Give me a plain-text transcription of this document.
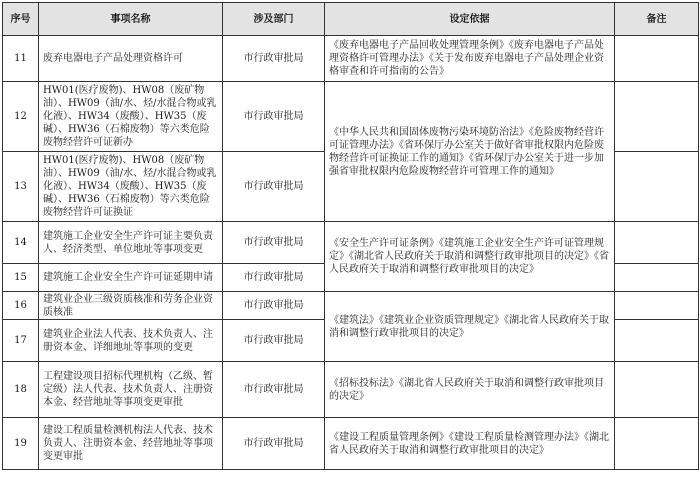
序号	事项名称	涉及部门	设定依据	备注
11	废弃电器电子产品处理资格许可	市行政审批局	《废弃电器电子产品回收处理管理条例》《废弃电器电子产品处理资格许可管理办法》《关于发布废弃电器电子产品处理企业资格审查和许可指南的公告》	
12	HW01(医疗废物)、HW08（废矿物油）、HW09（油/水、烃/水混合物或乳化液）、HW34（废酸）、HW35（废碱）、HW36（石棉废物）等六类危险废物经营许可证新办	市行政审批局	《中华人民共和国固体废物污染环境防治法》《危险废物经营许可证管理办法》《省环保厅办公室关于做好省审批权限内危险废物经营许可证换证工作的通知》《省环保厅办公室关于进一步加强省审批权限内危险废物经营许可管理工作的通知》	
13	HW01(医疗废物)、HW08（废矿物油）、HW09（油/水、烃/水混合物或乳化液）、HW34（废酸）、HW35（废碱）、HW36（石棉废物）等六类危险废物经营许可证换证	市行政审批局		
14	建筑施工企业安全生产许可证主要负责人、经济类型、单位地址等事项变更	市行政审批局	《安全生产许可证条例》《建筑施工企业安全生产许可证管理规定》《湖北省人民政府关于取消和调整行政审批项目的决定》《省人民政府关于取消和调整行政审批项目的决定》	
15	建筑施工企业安全生产许可证延期申请	市行政审批局		
16	建筑业企业三级资质核准和劳务企业资质核准	市行政审批局	《建筑法》《建筑业企业资质管理规定》《湖北省人民政府关于取消和调整行政审批项目的决定》	
17	建筑业企业法人代表、技术负责人、注册资本金、详细地址等事项的变更	市行政审批局		
18	工程建设项目招标代理机构（乙级、暂定级）法人代表、技术负责人、注册资本金、经营地址等事项变更审批	市行政审批局	《招标投标法》《湖北省人民政府关于取消和调整行政审批项目的决定》	
19	建设工程质量检测机构法人代表、技术负责人、注册资本金、经营地址等事项变更审批	市行政审批局	《建设工程质量管理条例》《建设工程质量检测管理办法》《湖北省人民政府关于取消和调整行政审批项目的决定》	
